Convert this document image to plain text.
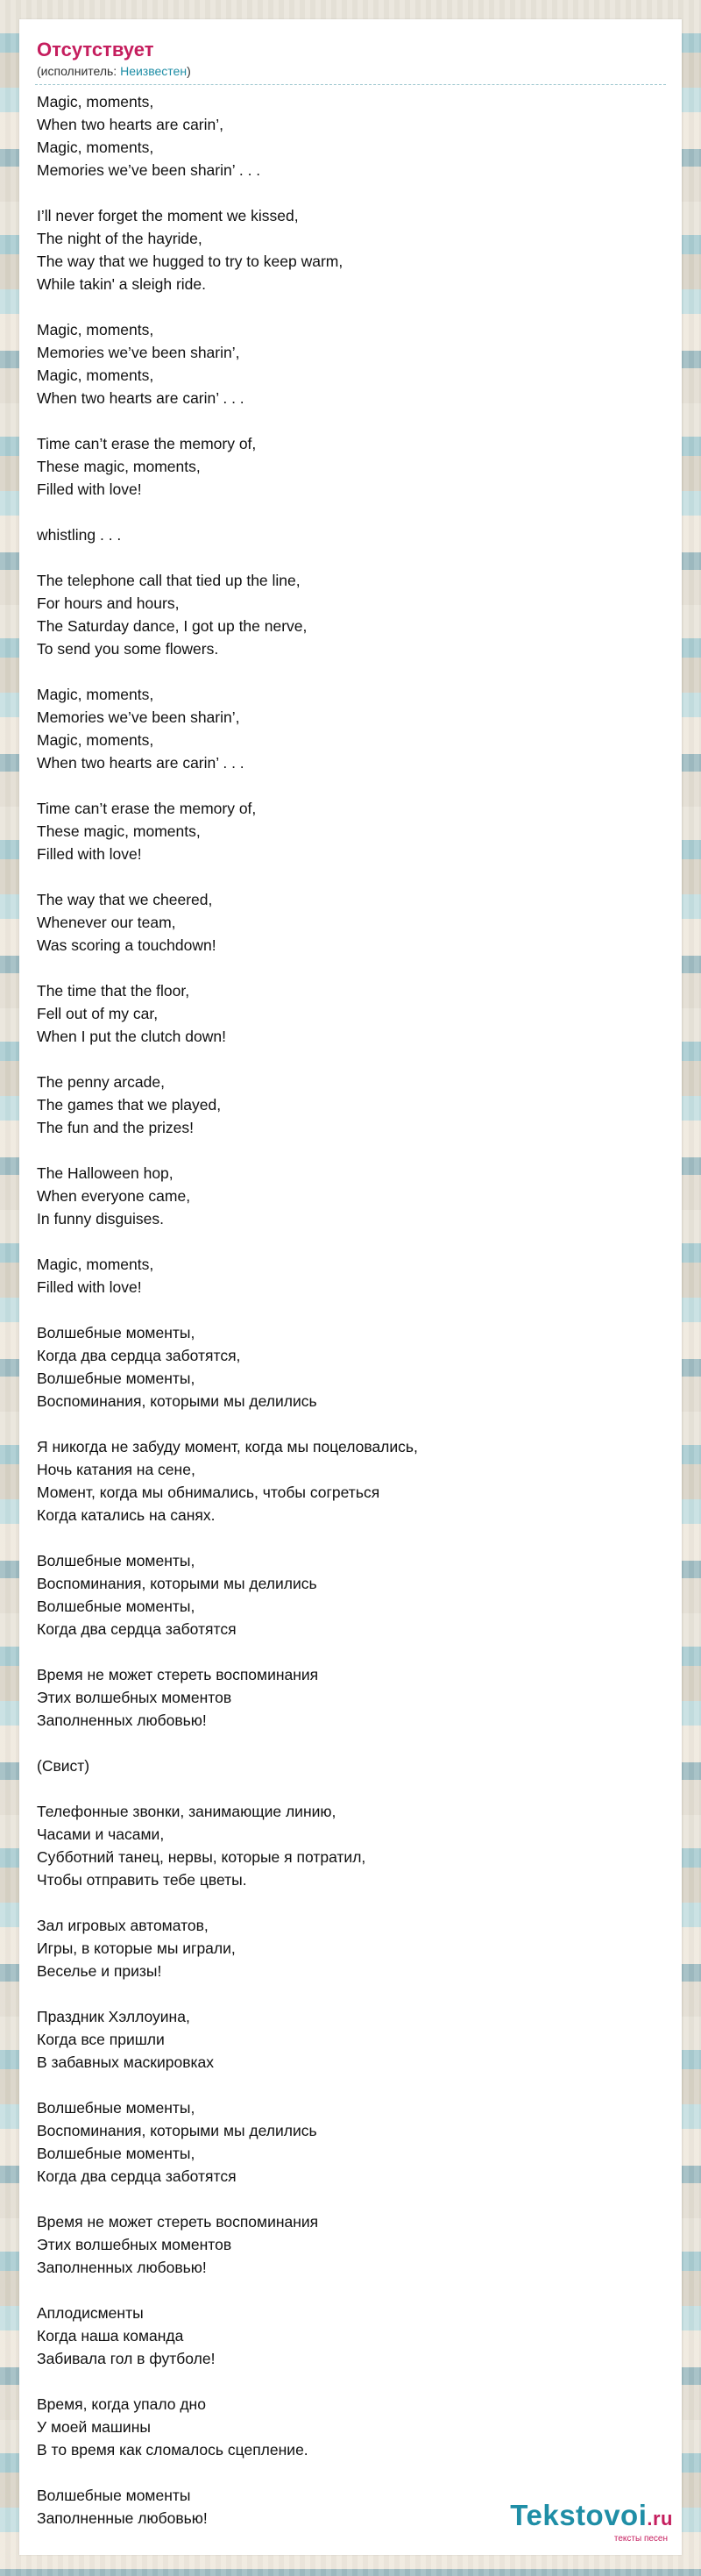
Отсутствует
(исполнитель: Неизвестен)
Magic, moments,
When two hearts are carin’,
Magic, moments,
Memories we’ve been sharin’ . . .
I’ll never forget the moment we kissed,
The night of the hayride,
The way that we hugged to try to keep warm,
While takin' a sleigh ride.
Magic, moments,
Memories we’ve been sharin’,
Magic, moments,
When two hearts are carin’ . . .
Time can’t erase the memory of,
These magic, moments,
Filled with love!
whistling . . .
The telephone call that tied up the line,
For hours and hours,
The Saturday dance, I got up the nerve,
To send you some flowers.
Magic, moments,
Memories we’ve been sharin’,
Magic, moments,
When two hearts are carin’ . . .
Time can’t erase the memory of,
These magic, moments,
Filled with love!
The way that we cheered,
Whenever our team,
Was scoring a touchdown!
The time that the floor,
Fell out of my car,
When I put the clutch down!
The penny arcade,
The games that we played,
The fun and the prizes!
The Halloween hop,
When everyone came,
In funny disguises.
Magic, moments,
Filled with love!
Волшебные моменты,
Когда два сердца заботятся,
Волшебные моменты,
Воспоминания, которыми мы делились
Я никогда не забуду момент, когда мы поцеловались,
Ночь катания на сене,
Момент, когда мы обнимались, чтобы согреться
Когда катались на санях.
Волшебные моменты,
Воспоминания, которыми мы делились
Волшебные моменты,
Когда два сердца заботятся
Время не может стереть воспоминания
Этих волшебных моментов
Заполненных любовью!
(Свист)
Телефонные звонки, занимающие линию,
Часами и часами,
Субботний танец, нервы, которые я потратил,
Чтобы отправить тебе цветы.
Зал игровых автоматов,
Игры, в которые мы играли,
Веселье и призы!
Праздник Хэллоуина,
Когда все пришли
В забавных маскировках
Волшебные моменты,
Воспоминания, которыми мы делились
Волшебные моменты,
Когда два сердца заботятся
Время не может стереть воспоминания
Этих волшебных моментов
Заполненных любовью!
Аплодисменты
Когда наша команда
Забивала гол в футболе!
Время, когда упало дно
У моей машины
В то время как сломалось сцепление.
Волшебные моменты
Заполненные любовью!	Tekstovoi.ru
тексты песен
